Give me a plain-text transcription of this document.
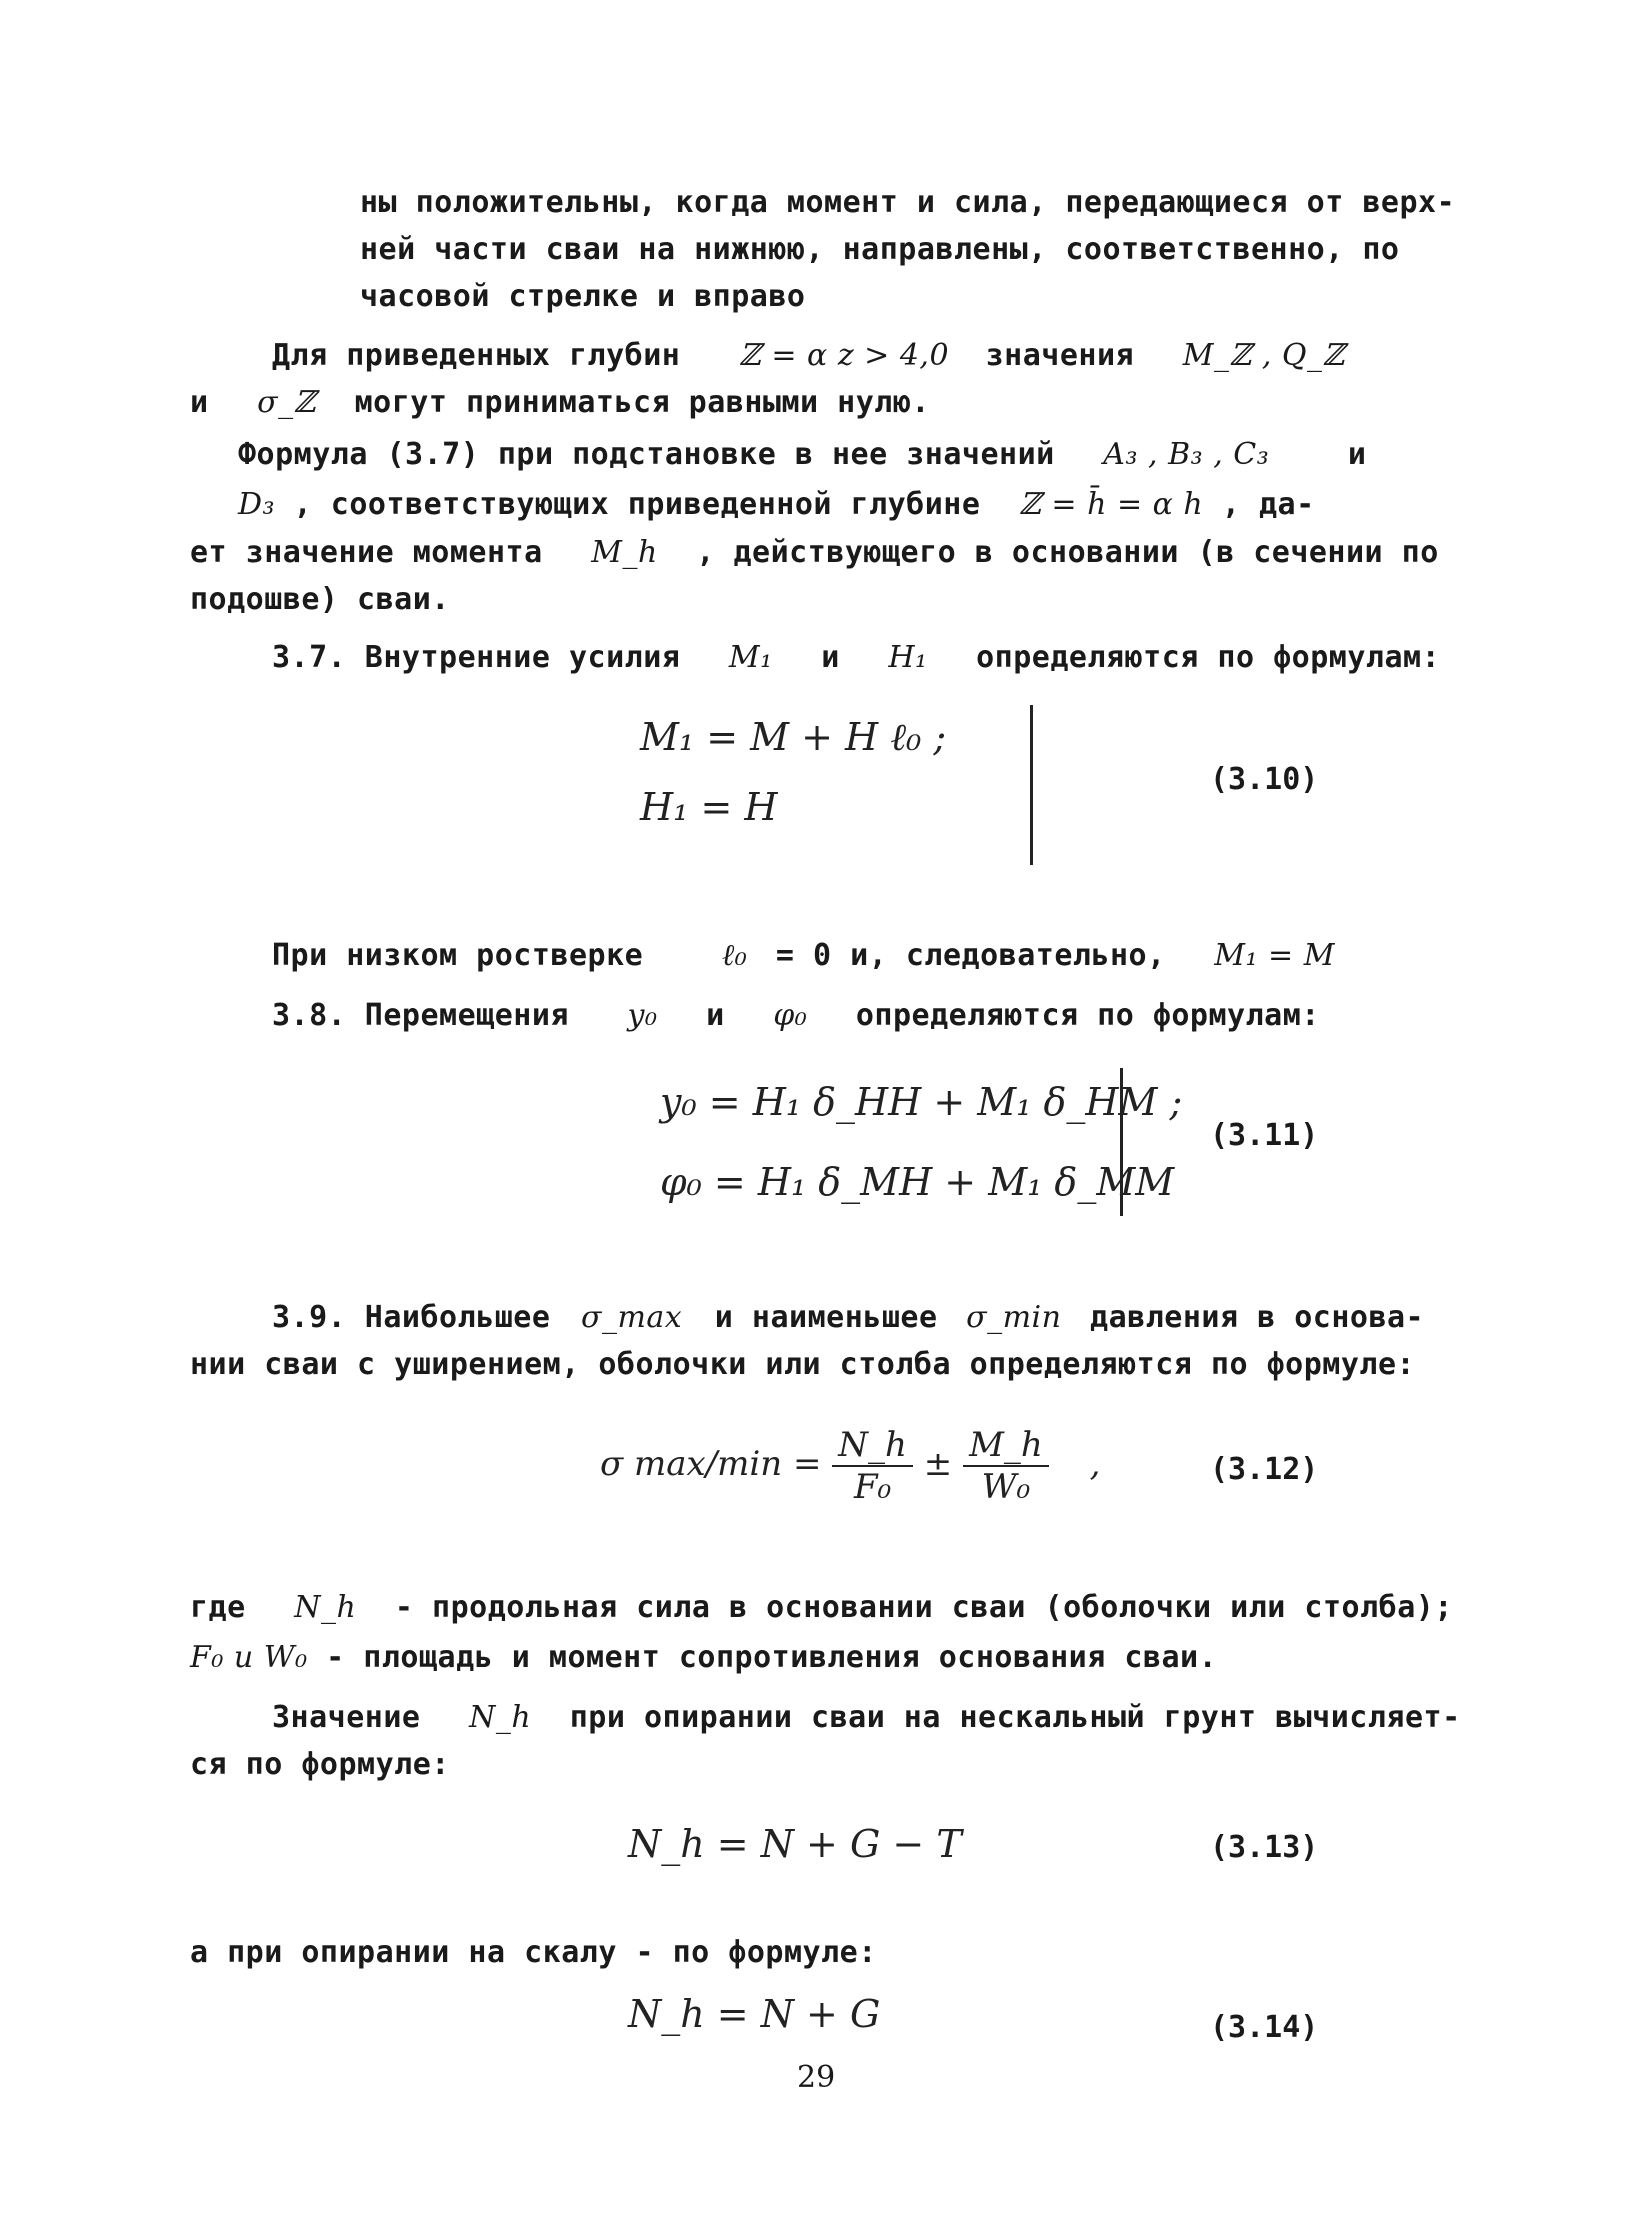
ны положительны, когда момент и сила, передающиеся от верх-
ней части сваи на нижнюю, направлены, соответственно, по
часовой стрелке и вправо
Для приведенных глубин ℤ = α z > 4,0 значения M_ℤ , Q_ℤ
и σ_ℤ могут приниматься равными нулю.
Формула (3.7) при подстановке в нее значений A₃ , B₃ , C₃	и
D₃ , соответствующих приведенной глубине ℤ = h̄ = α h , да-
ет значение момента M_h , действующего в основании (в сечении по
подошве) сваи.
3.7. Внутренние усилия M₁ и H₁ определяются по формулам:
M₁ = M + H ℓ₀ ;
H₁ = H
(3.10)
При низком ростверке	ℓ₀ = 0 и, следовательно, M₁ = M
3.8. Перемещения y₀ и φ₀ определяются по формулам:
y₀ = H₁ δ_HH + M₁ δ_HM ;
φ₀ = H₁ δ_MH + M₁ δ_MM
(3.11)
3.9. Наибольшее σ_max и наименьшее σ_min давления в основа-
нии сваи с уширением, оболочки или столба определяются по формуле:
σ $\max/\min = \frac{N\_h}{\text{F₀}} \pm \frac{M\_h}{\text{W₀}}$ ,	(3.12)
где N_h - продольная сила в основании сваи (оболочки или столба);
F₀ и W₀ - площадь и момент сопротивления основания сваи.
Значение N_h при опирании сваи на нескальный грунт вычисляет-
ся по формуле:
N_h = N + G − T	(3.13)
а при опирании на скалу - по формуле:
N_h = N + G	(3.14)
29
